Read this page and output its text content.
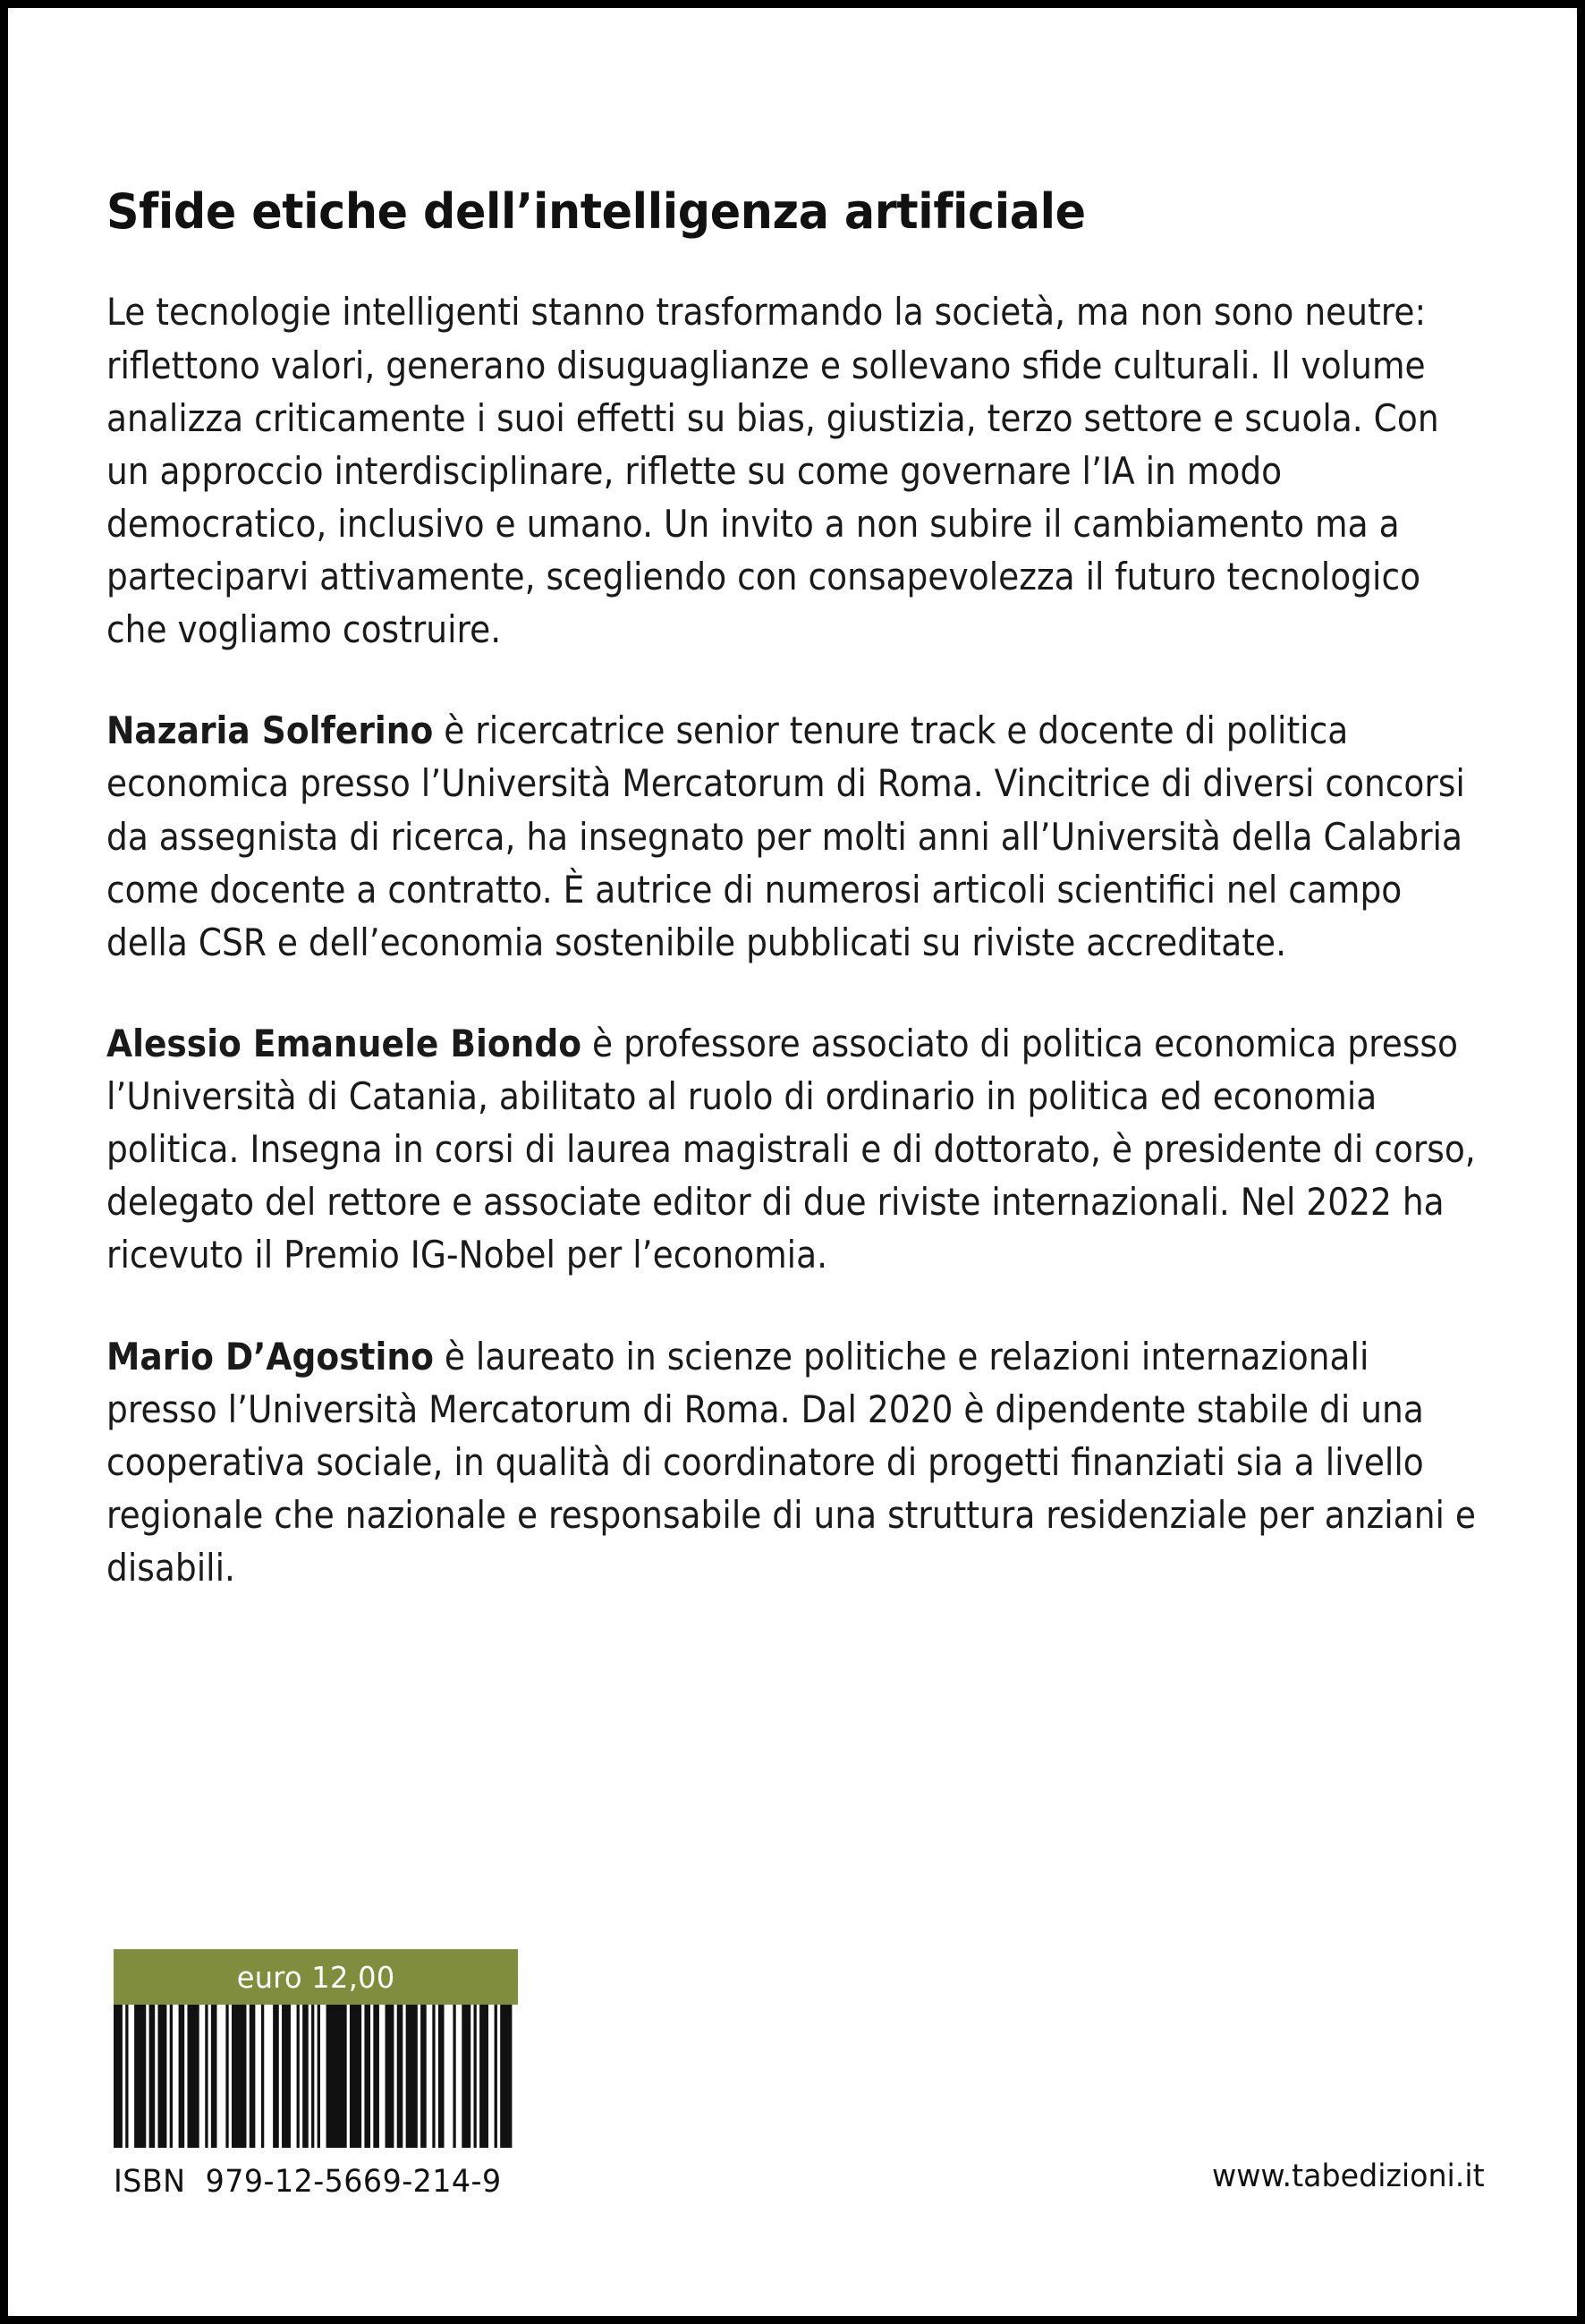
Sfide etiche dell’intelligenza artificiale

Le tecnologie intelligenti stanno trasformando la società, ma non sono neutre: riflettono valori, generano disuguaglianze e sollevano sfide culturali. Il volume analizza criticamente i suoi effetti su bias, giustizia, terzo settore e scuola. Con un approccio interdisciplinare, riflette su come governare l’IA in modo democratico, inclusivo e umano. Un invito a non subire il cambiamento ma a parteciparvi attivamente, scegliendo con consapevolezza il futuro tecnologico che vogliamo costruire.

Nazaria Solferino è ricercatrice senior tenure track e docente di politica economica presso l’Università Mercatorum di Roma. Vincitrice di diversi concorsi da assegnista di ricerca, ha insegnato per molti anni all’Università della Calabria come docente a contratto. È autrice di numerosi articoli scientifici nel campo della CSR e dell’economia sostenibile pubblicati su riviste accreditate.

Alessio Emanuele Biondo è professore associato di politica economica presso l’Università di Catania, abilitato al ruolo di ordinario in politica ed economia politica. Insegna in corsi di laurea magistrali e di dottorato, è presidente di corso, delegato del rettore e associate editor di due riviste internazionali. Nel 2022 ha ricevuto il Premio IG-Nobel per l’economia.

Mario D’Agostino è laureato in scienze politiche e relazioni internazionali presso l’Università Mercatorum di Roma. Dal 2020 è dipendente stabile di una cooperativa sociale, in qualità di coordinatore di progetti finanziati sia a livello regionale che nazionale e responsabile di una struttura residenziale per anziani e disabili.

euro 12,00
ISBN  979-12-5669-214-9	www.tabedizioni.it
